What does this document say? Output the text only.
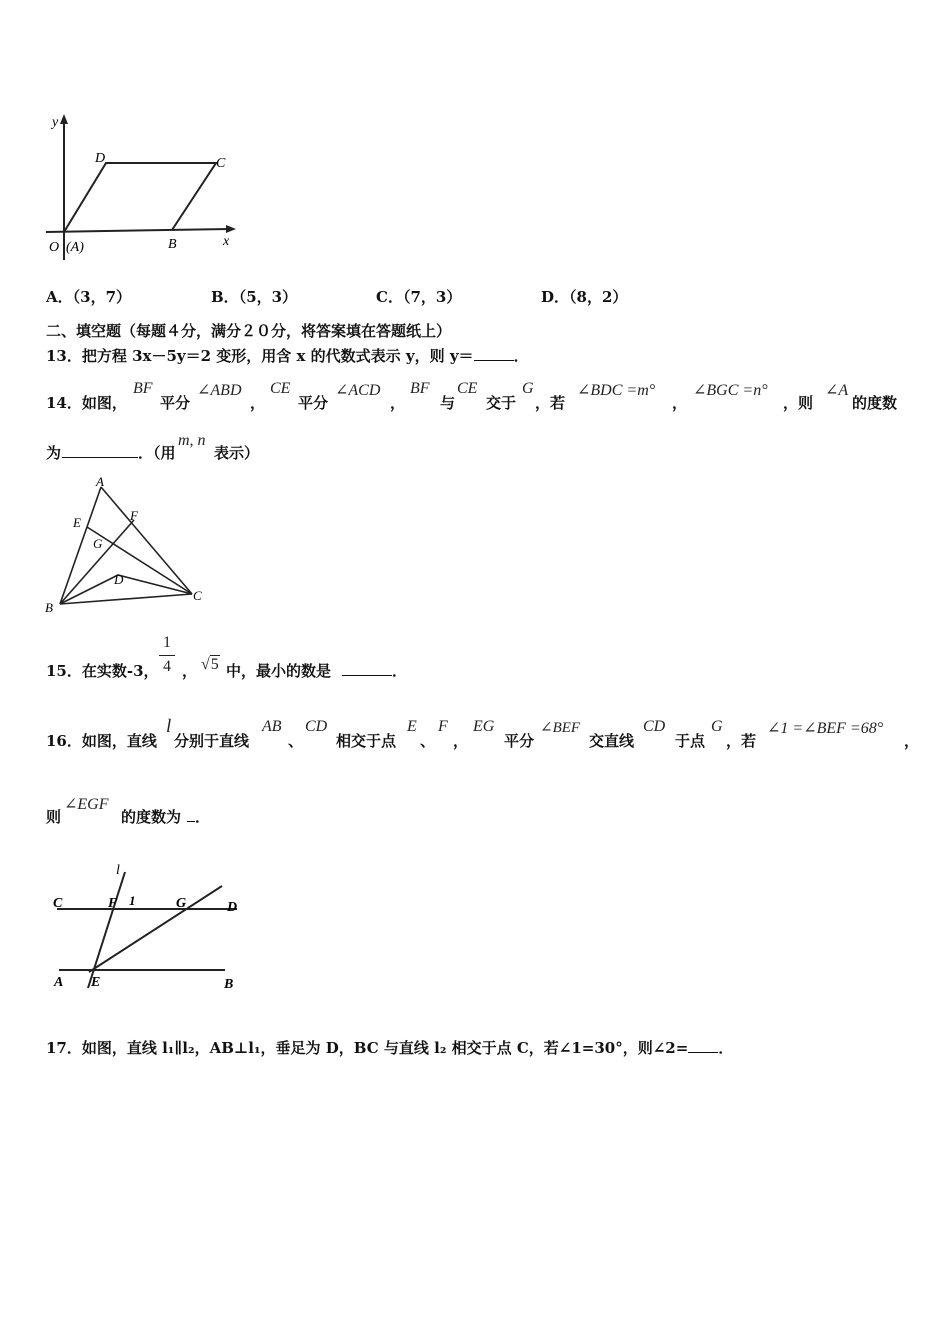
y
x
D	C
O (A)	B
A．（3，7）	B．（5，3）	C．（7，3）	D．（8，2）
二、填空题（每题４分，满分２０分，将答案填在答题纸上）
13．把方程 3x－5y＝2 变形，用含 x 的代数式表示 y，则 y＝	．
14．如图，
BF
平分
∠ABD
，
CE
平分
∠ACD
，
BF
与
CE
交于
G
，若
∠BDC =m°
，
∠BGC =n°
，则
∠A
的度数
为	．（用
m, n
表示）
A
E	F
G
D
B
C
15．在实数-3，
1
4 ， √5 中，最小的数是	．
16．如图，直线
l
分别于直线
AB
、
CD
相交于点
E
、
F
，
EG
平分
∠BEF
交直线
CD
于点
G
，若
∠1 =∠BEF =68°
，
则
∠EGF
的度数为 ．
l
C	F 1	G	D
A E	B
17．如图，直线 l₁∥l₂，AB⊥l₁，垂足为 D，BC 与直线 l₂ 相交于点 C，若∠1=30°，则∠2= ．
